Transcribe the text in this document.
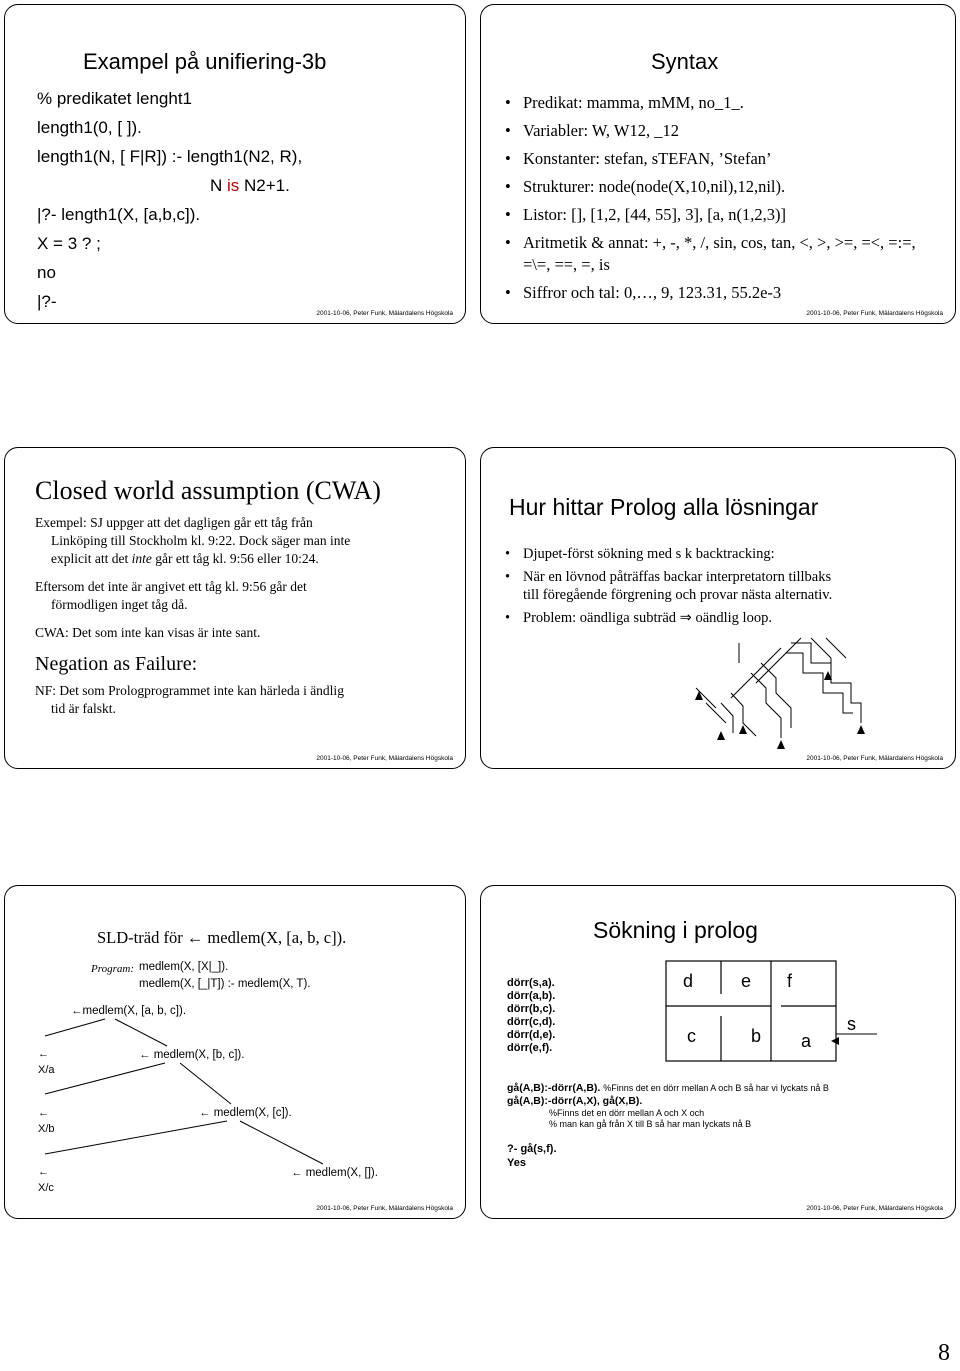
Exampel på unifiering-3b
% predikatet lenght1
length1(0, [ ]).
length1(N, [ F|R]) :- length1(N2, R),
N is N2+1.
|?- length1(X, [a,b,c]).
X = 3 ? ;
no
|?-
2001-10-06, Peter Funk, Mälardalens Högskola
Syntax
• Predikat: mamma, mMM, no_1_.
• Variabler: W, W12, _12
• Konstanter: stefan, sTEFAN, ’Stefan’
• Strukturer: node(node(X,10,nil),12,nil).
• Listor: [], [1,2, [44, 55], 3], [a, n(1,2,3)]
• Aritmetik & annat: +, -, *, /, sin, cos, tan, <, >, >=, =<, =:=, =\=, ==, =, is
• Siffror och tal: 0,…, 9, 123.31, 55.2e-3
2001-10-06, Peter Funk, Mälardalens Högskola
Closed world assumption (CWA)
Exempel: SJ uppger att det dagligen går ett tåg från
Linköping till Stockholm kl. 9:22. Dock säger man inte
explicit att det inte går ett tåg kl. 9:56 eller 10:24.
Eftersom det inte är angivet ett tåg kl. 9:56 går det
förmodligen inget tåg då.
CWA: Det som inte kan visas är inte sant.
Negation as Failure:
NF: Det som Prologprogrammet inte kan härleda i ändlig
tid är falskt.
2001-10-06, Peter Funk, Mälardalens Högskola
Hur hittar Prolog alla lösningar
• Djupet-först sökning med s k backtracking:
• När en lövnod påträffas backar interpretatorn tillbaks till föregående förgrening och provar nästa alternativ.
• Problem: oändliga subträd ⇒ oändlig loop.
2001-10-06, Peter Funk, Mälardalens Högskola
SLD-träd för ← medlem(X, [a, b, c]).
Program: medlem(X, [X|_]).
medlem(X, [_|T]) :- medlem(X, T).
←medlem(X, [a, b, c]).
← medlem(X, [b, c]).
← medlem(X, [c]).
← medlem(X, []).
←
X/a
←
X/b
←
X/c
2001-10-06, Peter Funk, Mälardalens Högskola
Sökning i prolog
dörr(s,a).
dörr(a,b).
dörr(b,c).
dörr(c,d).
dörr(d,e).
dörr(e,f).
d	e f
c	b a
s
gå(A,B):-dörr(A,B). %Finns det en dörr mellan A och B så har vi lyckats nå B
gå(A,B):-dörr(A,X), gå(X,B).
%Finns det en dörr mellan A och X och
% man kan gå från X till B så har man lyckats nå B
?- gå(s,f).
Yes
2001-10-06, Peter Funk, Mälardalens Högskola
8
